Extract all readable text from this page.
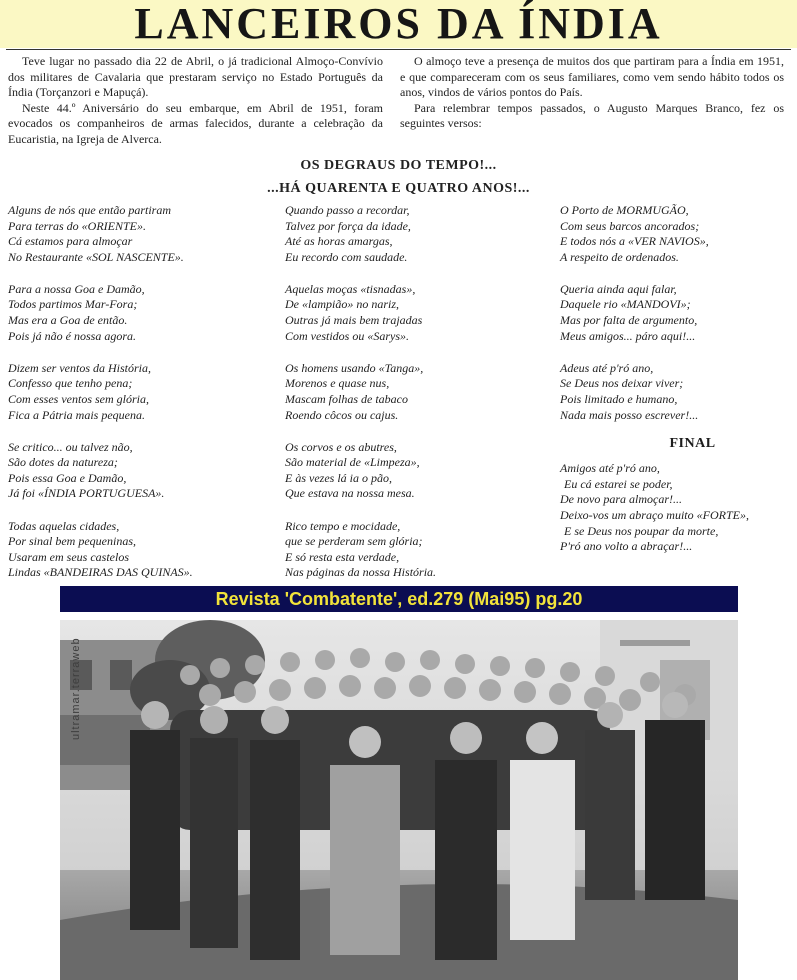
LANCEIROS DA ÍNDIA

Teve lugar no passado dia 22 de Abril, o já tradicional Almoço-Convívio dos militares de Cavalaria que prestaram serviço no Estado Português da Índia (Torçanzori e Mapuçá).

Neste 44.º Aniversário do seu embarque, em Abril de 1951, foram evocados os companheiros de armas falecidos, durante a celebração da Eucaristia, na Igreja de Alverca.

O almoço teve a presença de muitos dos que partiram para a Índia em 1951, e que compareceram com os seus familiares, como vem sendo hábito todos os anos, vindos de vários pontos do País.

Para relembrar tempos passados, o Augusto Marques Branco, fez os seguintes versos:

OS DEGRAUS DO TEMPO!...
...HÁ QUARENTA E QUATRO ANOS!...
Alguns de nós que então partiram
Para terras do «ORIENTE».
Cá estamos para almoçar
No Restaurante «SOL NASCENTE».
Para a nossa Goa e Damão,
Todos partimos Mar-Fora;
Mas era a Goa de então.
Pois já não é nossa agora.
Dizem ser ventos da História,
Confesso que tenho pena;
Com esses ventos sem glória,
Fica a Pátria mais pequena.
Se critico... ou talvez não,
São dotes da natureza;
Pois essa Goa e Damão,
Já foi «ÍNDIA PORTUGUESA».
Todas aquelas cidades,
Por sinal bem pequeninas,
Usaram em seus castelos
Lindas «BANDEIRAS DAS QUINAS».
Quando passo a recordar,
Talvez por força da idade,
Até as horas amargas,
Eu recordo com saudade.
Aquelas moças «tisnadas»,
De «lampião» no nariz,
Outras já mais bem trajadas
Com vestidos ou «Sarys».
Os homens usando «Tanga»,
Morenos e quase nus,
Mascam folhas de tabaco
Roendo côcos ou cajus.
Os corvos e os abutres,
São material de «Limpeza»,
E às vezes lá ia o pão,
Que estava na nossa mesa.
Rico tempo e mocidade,
que se perderam sem glória;
E só resta esta verdade,
Nas páginas da nossa História.
O Porto de MORMUGÃO,
Com seus barcos ancorados;
E todos nós a «VER NAVIOS»,
A respeito de ordenados.
Queria ainda aqui falar,
Daquele rio «MANDOVI»;
Mas por falta de argumento,
Meus amigos... páro aqui!...
Adeus até p'ró ano,
Se Deus nos deixar viver;
Pois limitado e humano,
Nada mais posso escrever!...
FINAL
Amigos até p'ró ano,
Eu cá estarei se poder,
De novo para almoçar!...
Deixo-vos um abraço muito «FORTE»,
E se Deus nos poupar da morte,
P'ró ano volto a abraçar!...
Revista 'Combatente', ed.279 (Mai95) pg.20
ultramar.terraweb
